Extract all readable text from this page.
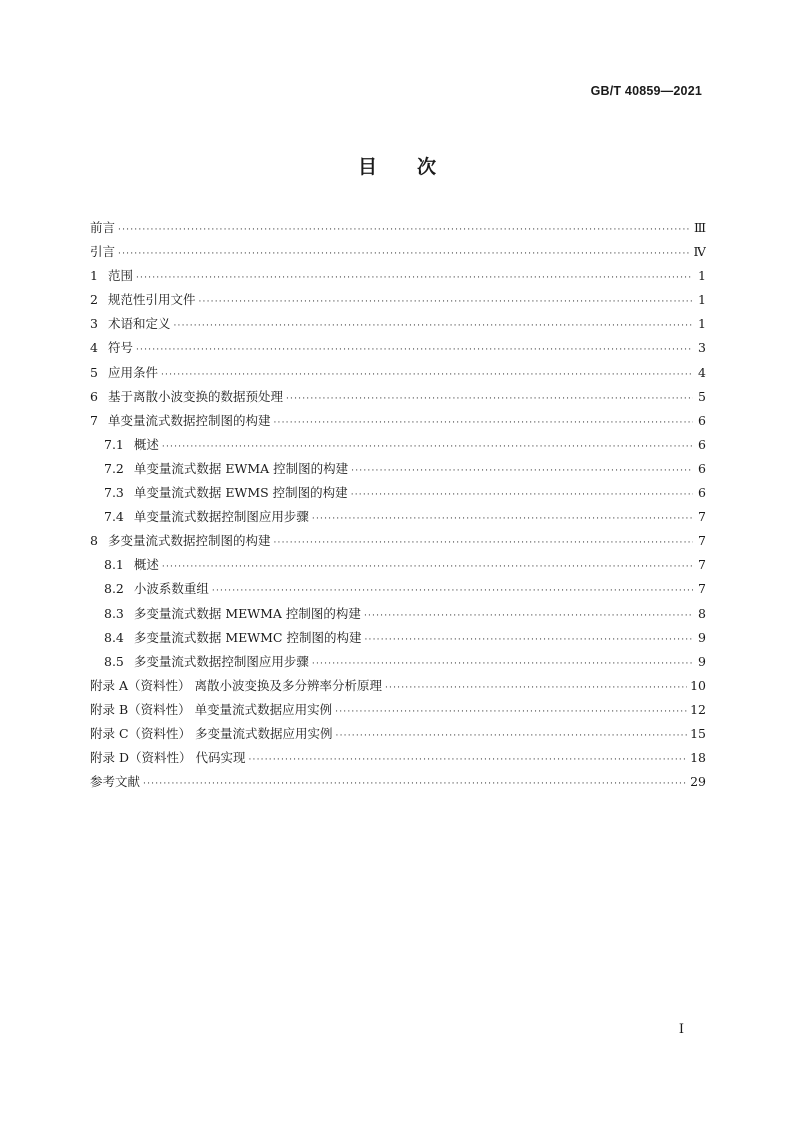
GB/T 40859—2021
目次
前言 ·····	Ⅲ
引言 ·····	Ⅳ
1 范围 ·····	1
2 规范性引用文件 ·····	1
3 术语和定义 ·····	1
4 符号 ·····	3
5 应用条件 ·····	4
6 基于离散小波变换的数据预处理 ·····	5
7 单变量流式数据控制图的构建 ·····	6
7.1 概述 ·····	6
7.2 单变量流式数据 EWMA 控制图的构建 ·····	6
7.3 单变量流式数据 EWMS 控制图的构建 ·····	6
7.4 单变量流式数据控制图应用步骤 ·····	7
8 多变量流式数据控制图的构建 ·····	7
8.1 概述 ·····	7
8.2 小波系数重组 ·····	7
8.3 多变量流式数据 MEWMA 控制图的构建 ·····	8
8.4 多变量流式数据 MEWMC 控制图的构建 ·····	9
8.5 多变量流式数据控制图应用步骤 ·····	9
附录 A（资料性） 离散小波变换及多分辨率分析原理 ·····	10
附录 B（资料性） 单变量流式数据应用实例 ·····	12
附录 C（资料性） 多变量流式数据应用实例 ·····	15
附录 D（资料性） 代码实现 ·····	18
参考文献 ·····	29
Ⅰ
